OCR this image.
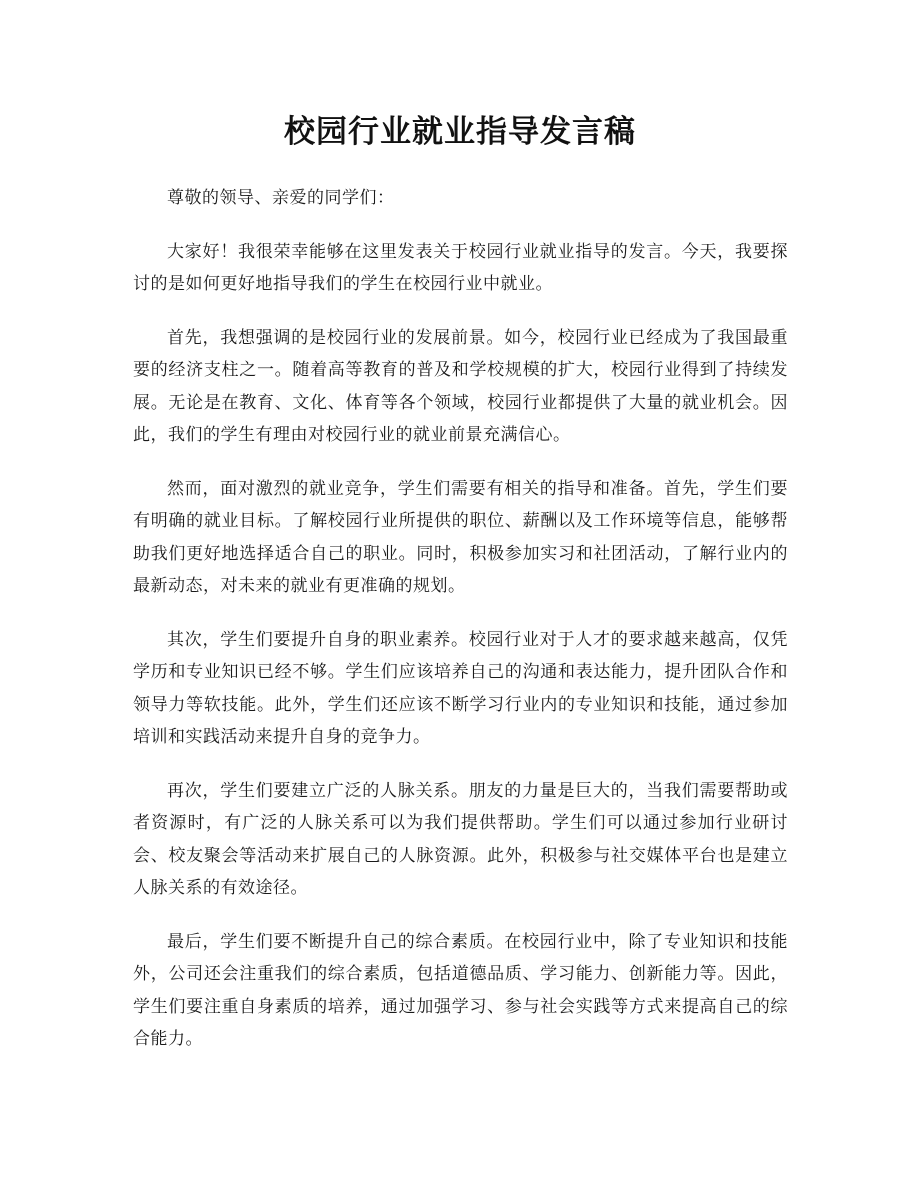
校园行业就业指导发言稿

尊敬的领导、亲爱的同学们：

大家好！我很荣幸能够在这里发表关于校园行业就业指导的发言。今天，我要探讨的是如何更好地指导我们的学生在校园行业中就业。

首先，我想强调的是校园行业的发展前景。如今，校园行业已经成为了我国最重要的经济支柱之一。随着高等教育的普及和学校规模的扩大，校园行业得到了持续发展。无论是在教育、文化、体育等各个领域，校园行业都提供了大量的就业机会。因此，我们的学生有理由对校园行业的就业前景充满信心。

然而，面对激烈的就业竞争，学生们需要有相关的指导和准备。首先，学生们要有明确的就业目标。了解校园行业所提供的职位、薪酬以及工作环境等信息，能够帮助我们更好地选择适合自己的职业。同时，积极参加实习和社团活动，了解行业内的最新动态，对未来的就业有更准确的规划。

其次，学生们要提升自身的职业素养。校园行业对于人才的要求越来越高，仅凭学历和专业知识已经不够。学生们应该培养自己的沟通和表达能力，提升团队合作和领导力等软技能。此外，学生们还应该不断学习行业内的专业知识和技能，通过参加培训和实践活动来提升自身的竞争力。

再次，学生们要建立广泛的人脉关系。朋友的力量是巨大的，当我们需要帮助或者资源时，有广泛的人脉关系可以为我们提供帮助。学生们可以通过参加行业研讨会、校友聚会等活动来扩展自己的人脉资源。此外，积极参与社交媒体平台也是建立人脉关系的有效途径。

最后，学生们要不断提升自己的综合素质。在校园行业中，除了专业知识和技能外，公司还会注重我们的综合素质，包括道德品质、学习能力、创新能力等。因此，学生们要注重自身素质的培养，通过加强学习、参与社会实践等方式来提高自己的综合能力。
